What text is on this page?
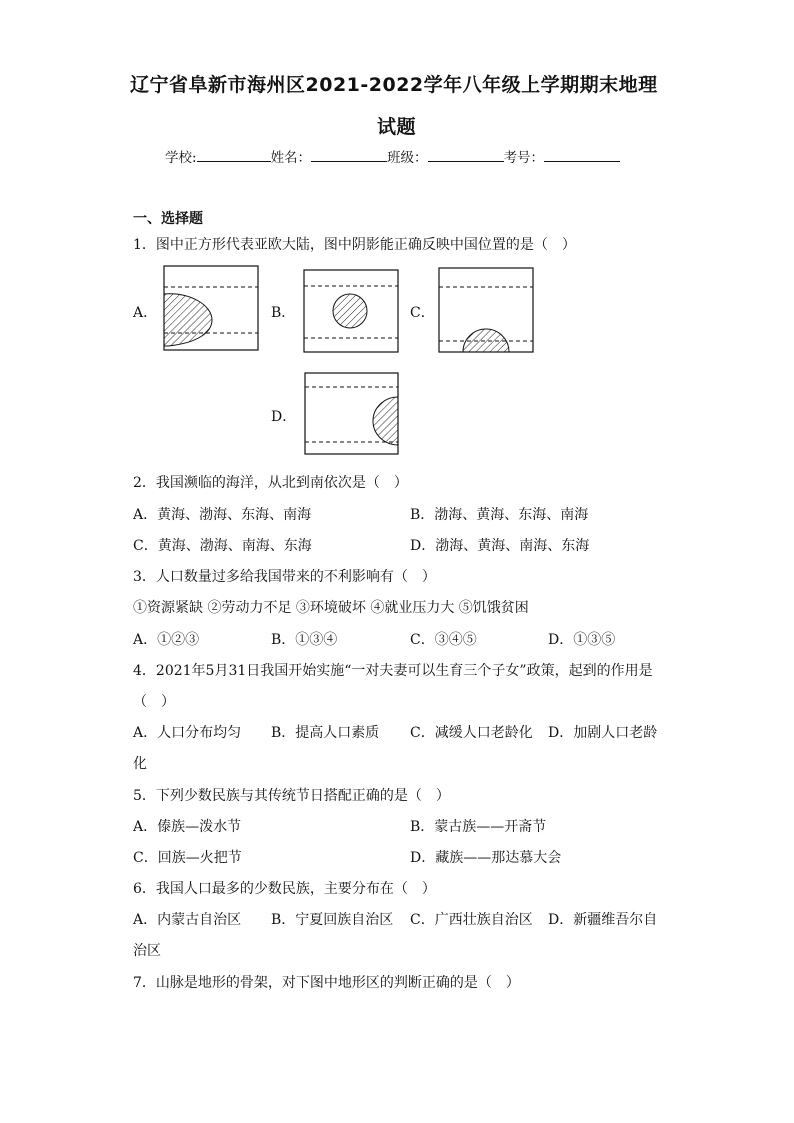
辽宁省阜新市海州区2021-2022学年八年级上学期期末地理
试题
学校:	姓名：	班级：	考号：
一、选择题
1．图中正方形代表亚欧大陆，图中阴影能正确反映中国位置的是（　）
A．	B．	C．
D．
2．我国濒临的海洋，从北到南依次是（　）
A．黄海、渤海、东海、南海	B．渤海、黄海、东海、南海
C．黄海、渤海、南海、东海	D．渤海、黄海、南海、东海
3．人口数量过多给我国带来的不利影响有（　）
①资源紧缺 ②劳动力不足 ③环境破坏 ④就业压力大 ⑤饥饿贫困
A．①②③	B．①③④	C．③④⑤	D．①③⑤
4．2021年5月31日我国开始实施“一对夫妻可以生育三个子女”政策，起到的作用是
（　）
A．人口分布均匀 B．提高人口素质 C．减缓人口老龄化 D．加剧人口老龄
化
5．下列少数民族与其传统节日搭配正确的是（　）
A．傣族—泼水节	B．蒙古族——开斋节
C．回族—火把节	D．藏族——那达慕大会
6．我国人口最多的少数民族，主要分布在（　）
A．内蒙古自治区 B．宁夏回族自治区 C．广西壮族自治区 D．新疆维吾尔自
治区
7．山脉是地形的骨架，对下图中地形区的判断正确的是（　）
